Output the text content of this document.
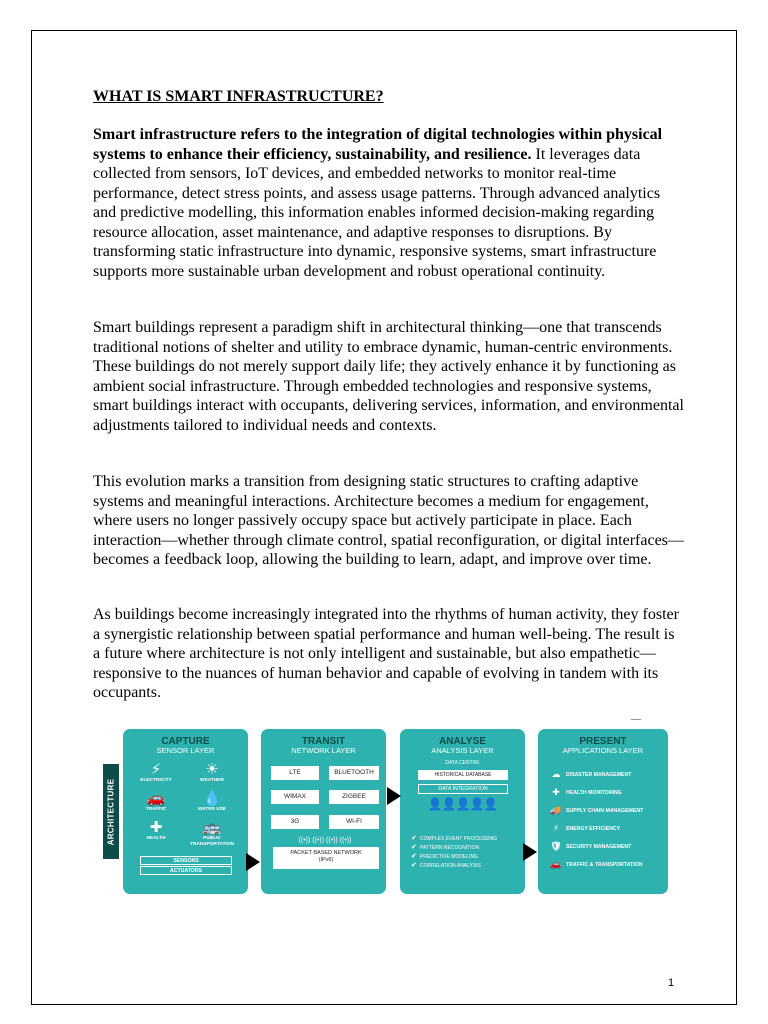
WHAT IS SMART INFRASTRUCTURE?

Smart infrastructure refers to the integration of digital technologies within physical systems to enhance their efficiency, sustainability, and resilience. It leverages data collected from sensors, IoT devices, and embedded networks to monitor real-time performance, detect stress points, and assess usage patterns. Through advanced analytics and predictive modelling, this information enables informed decision-making regarding resource allocation, asset maintenance, and adaptive responses to disruptions. By transforming static infrastructure into dynamic, responsive systems, smart infrastructure supports more sustainable urban development and robust operational continuity.

Smart buildings represent a paradigm shift in architectural thinking—one that transcends traditional notions of shelter and utility to embrace dynamic, human-centric environments. These buildings do not merely support daily life; they actively enhance it by functioning as ambient social infrastructure. Through embedded technologies and responsive systems, smart buildings interact with occupants, delivering services, information, and environmental adjustments tailored to individual needs and contexts.

This evolution marks a transition from designing static structures to crafting adaptive systems and meaningful interactions. Architecture becomes a medium for engagement, where users no longer passively occupy space but actively participate in place. Each interaction—whether through climate control, spatial reconfiguration, or digital interfaces—becomes a feedback loop, allowing the building to learn, adapt, and improve over time.

As buildings become increasingly integrated into the rhythms of human activity, they foster a synergistic relationship between spatial performance and human well-being. The result is a future where architecture is not only intelligent and sustainable, but also empathetic—responsive to the nuances of human behavior and capable of evolving in tandem with its occupants.

ARCHITECTURE
CAPTURE
SENSOR LAYER
⚡
ELECTRICITY
☀
WEATHER
🚗
TRAFFIC
💧
WATER USE
✚
HEALTH
🚌
PUBLIC TRANSPORTATION
SENSORS
ACTUATORS
TRANSIT
NETWORK LAYER
LTE	BLUETOOTH
WIMAX	ZIGBEE
3G	WI-FI
((•)) ((•)) ((•)) ((•))
PACKET BASED NETWORK
(IPv6)
ANALYSE
ANALYSIS LAYER
DATA CENTRE
HISTORICAL DATABASE
DATA INTEGRATION
👤👤👤👤👤
✔ COMPLEX EVENT PROCESSING
✔ PATTERN RECOGNITION
✔ PREDICTIVE MODELING
✔ CORRELATION ANALYSIS
PRESENT
APPLICATIONS LAYER
☁ DISASTER MANAGEMENT
✚ HEALTH MONITORING
🚚 SUPPLY CHAIN MANAGEMENT
⚡ ENERGY EFFICIENCY
🛡 SECURITY MANAGEMENT
🚗 TRAFFIC & TRANSPORTATION
1
